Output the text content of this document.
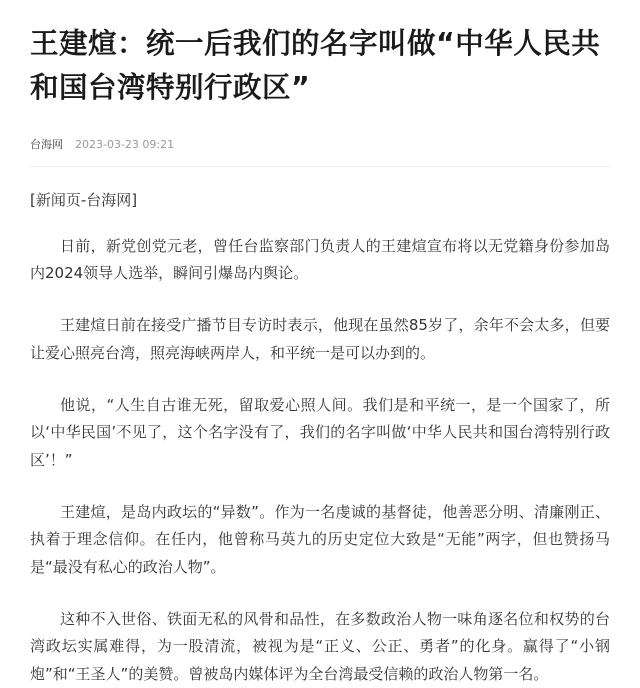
王建煊：统一后我们的名字叫做“中华人民共和国台湾特别行政区”
台海网 2023-03-23 09:21

[新闻页-台海网]

日前，新党创党元老，曾任台监察部门负责人的王建煊宣布将以无党籍身份参加岛内2024领导人选举，瞬间引爆岛内舆论。

王建煊日前在接受广播节目专访时表示，他现在虽然85岁了，余年不会太多，但要让爱心照亮台湾，照亮海峡两岸人，和平统一是可以办到的。

他说，“人生自古谁无死，留取爱心照人间。我们是和平统一，是一个国家了，所以‘中华民国’不见了，这个名字没有了，我们的名字叫做‘中华人民共和国台湾特别行政区’！”

王建煊，是岛内政坛的“异数”。作为一名虔诚的基督徒，他善恶分明、清廉刚正、执着于理念信仰。在任内，他曾称马英九的历史定位大致是“无能”两字，但也赞扬马是“最没有私心的政治人物”。

这种不入世俗、铁面无私的风骨和品性，在多数政治人物一味角逐名位和权势的台湾政坛实属难得，为一股清流，被视为是“正义、公正、勇者”的化身。赢得了“小钢炮”和“王圣人”的美赞。曾被岛内媒体评为全台湾最受信赖的政治人物第一名。
